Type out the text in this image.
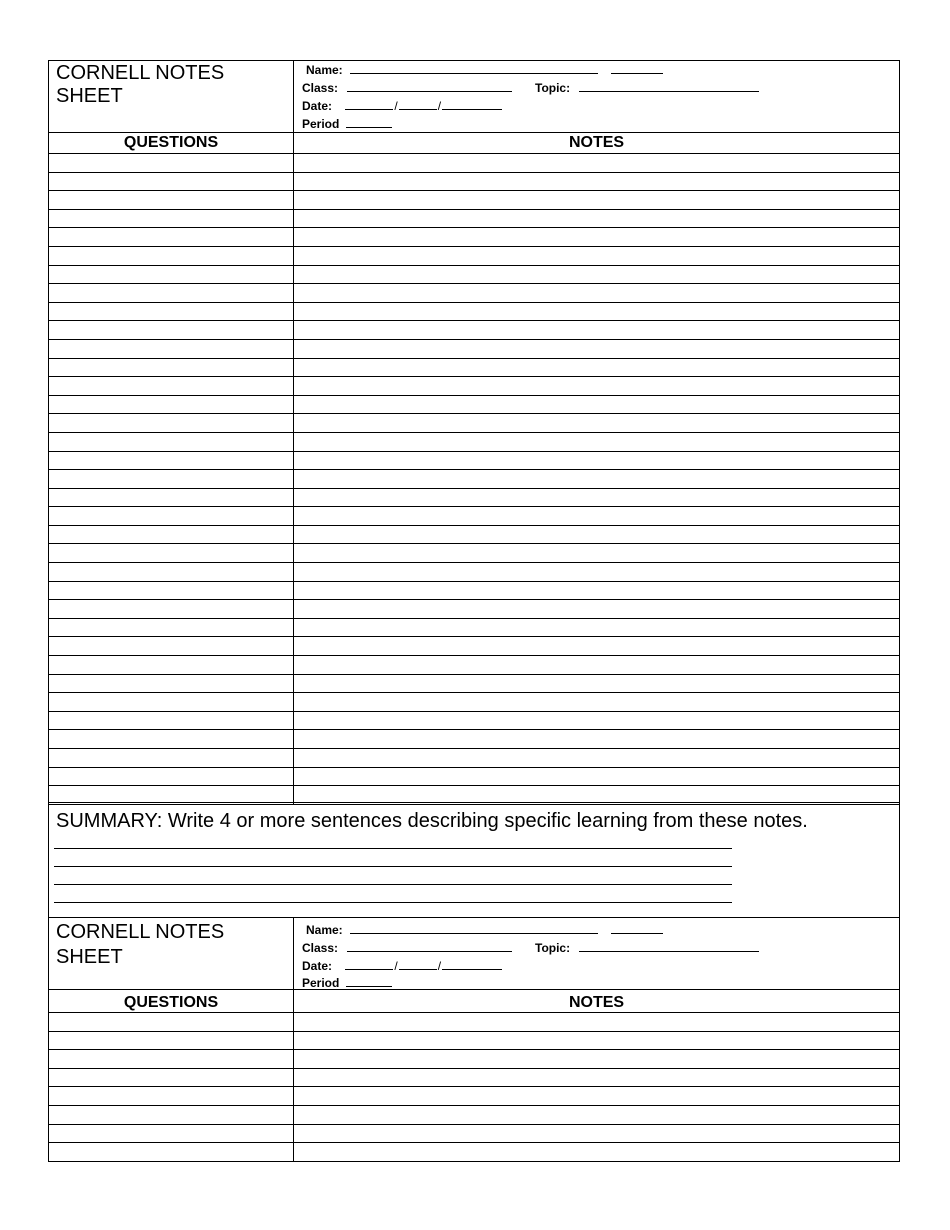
CORNELL NOTES
SHEET
Name:
Class:	Topic:
Date:	/	/
Period
QUESTIONS	NOTES
SUMMARY: Write 4 or more sentences describing specific learning from these notes.
CORNELL NOTES
SHEET
Name:
Class:	Topic:
Date:	/	/
Period
QUESTIONS	NOTES
